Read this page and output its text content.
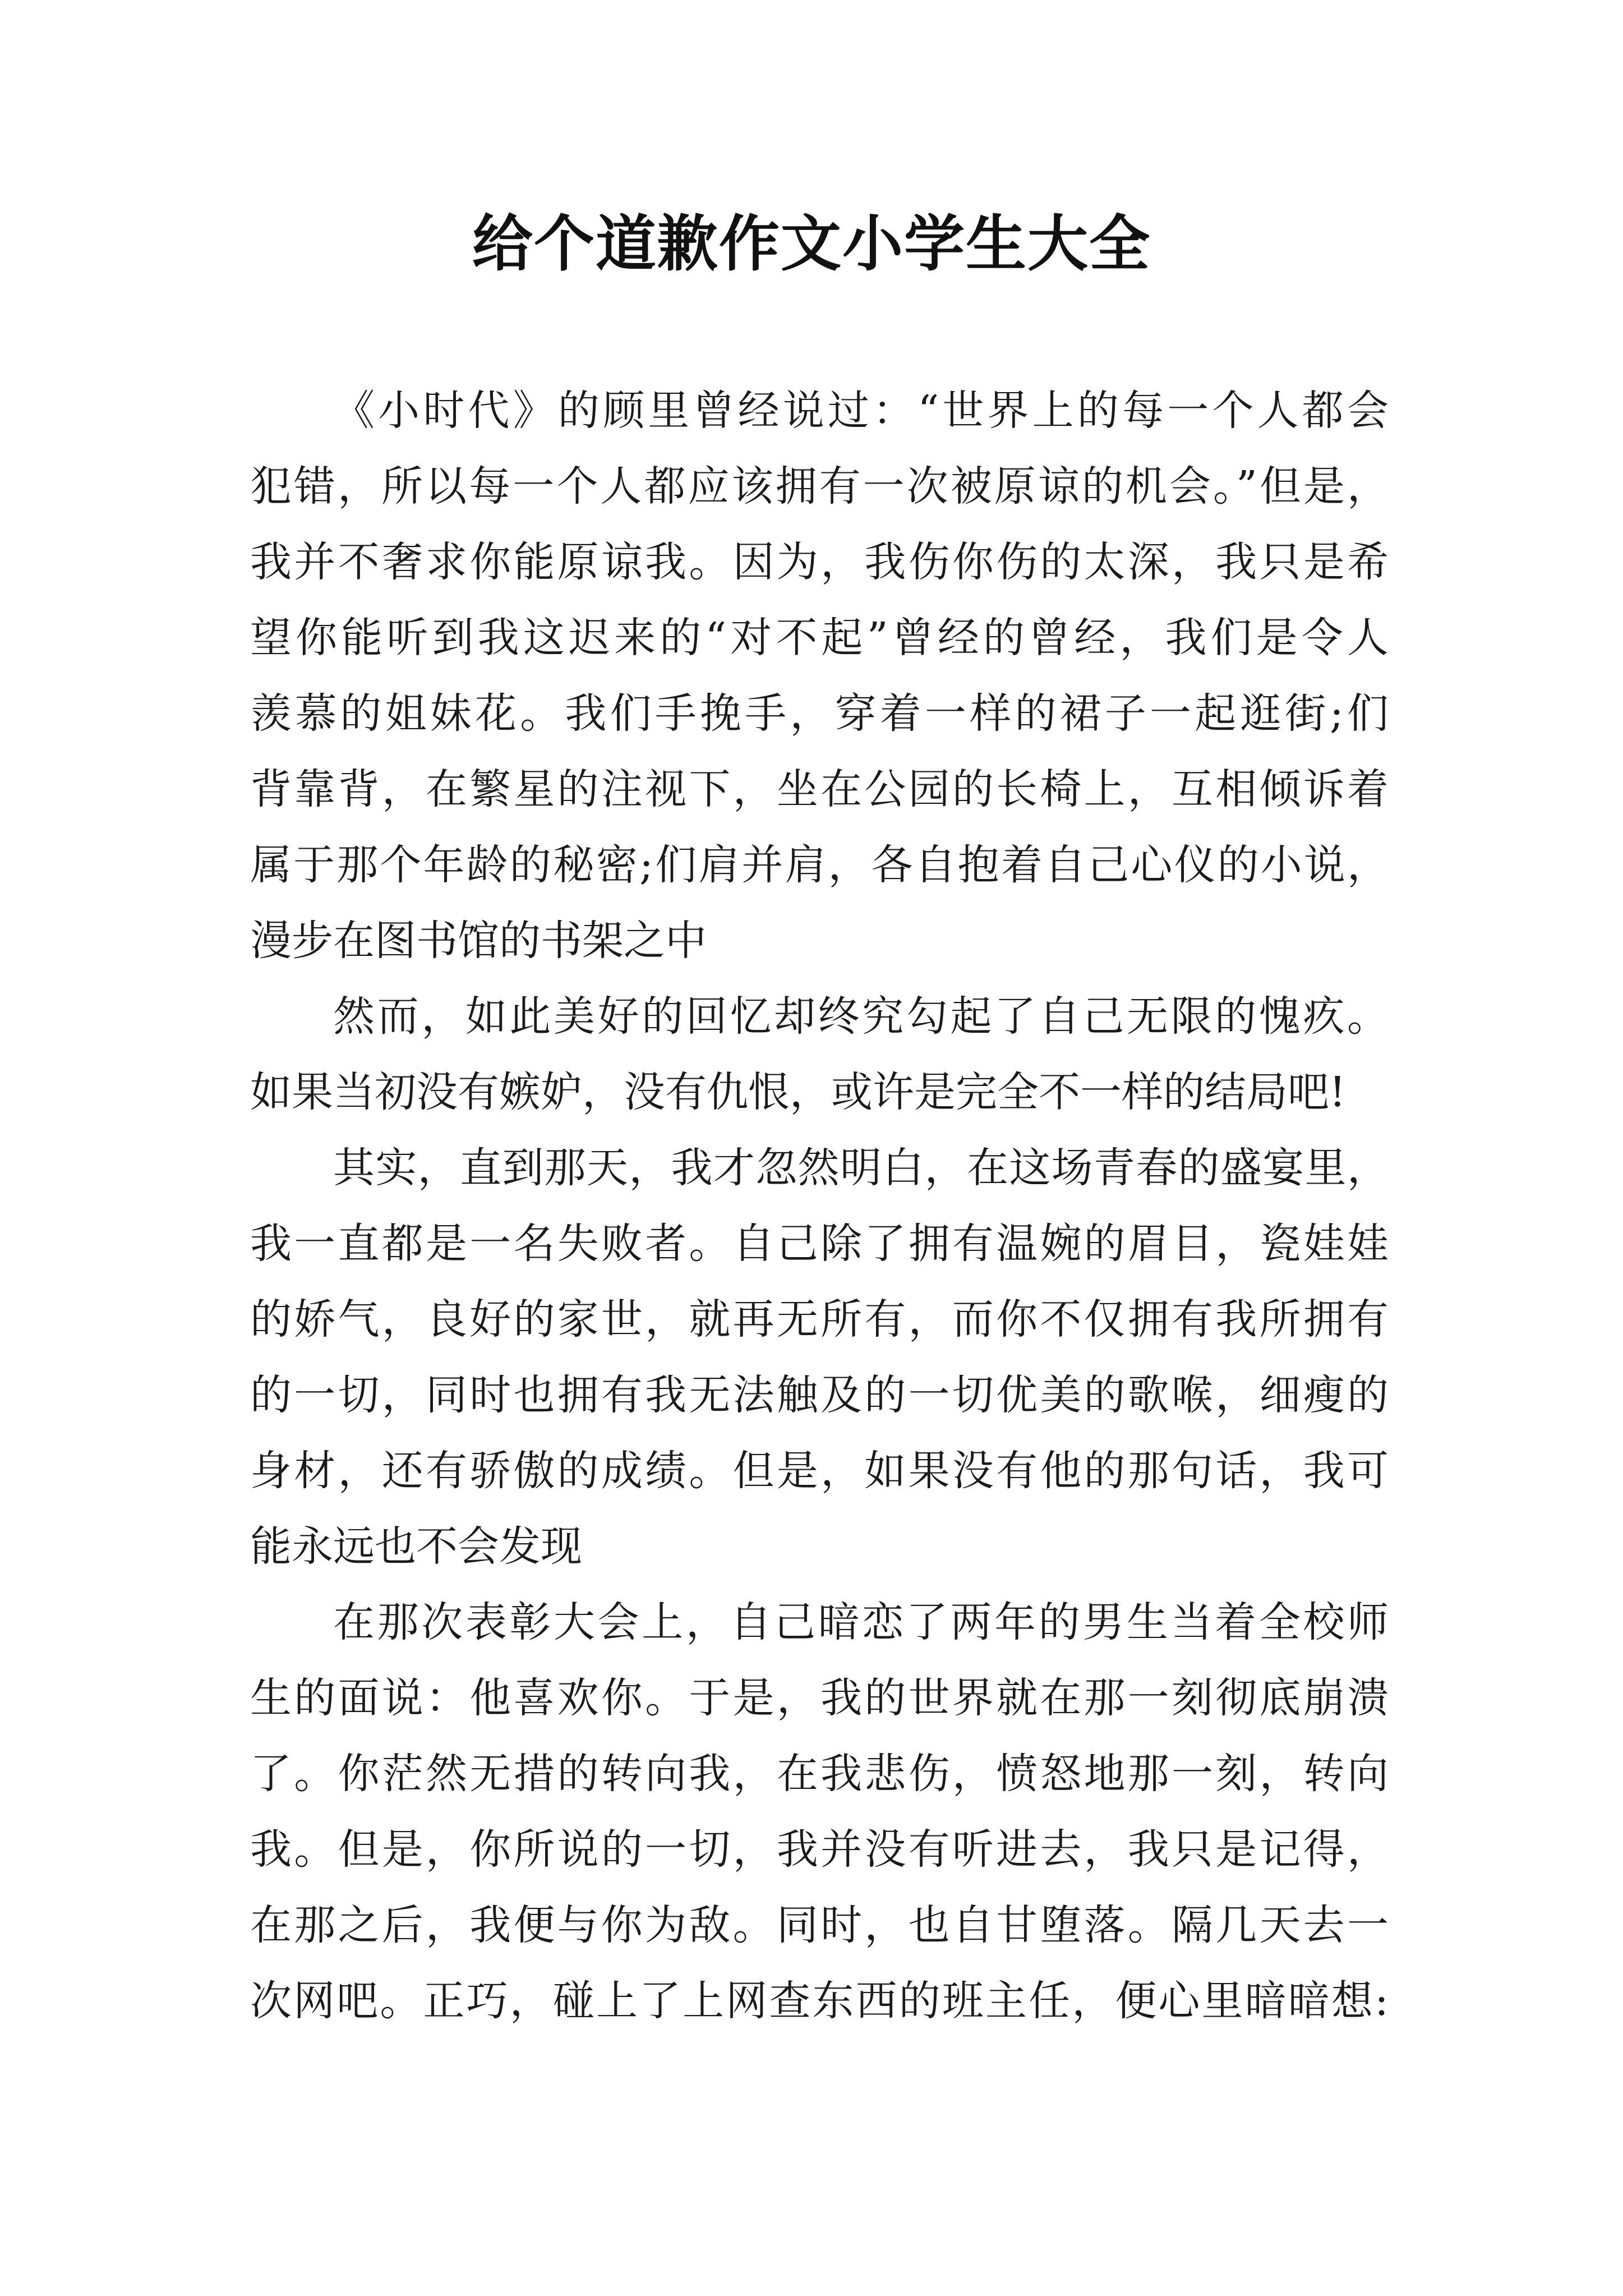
给个道歉作文小学生大全
《小时代》的顾里曾经说过：“世界上的每一个人都会
犯错，所以每一个人都应该拥有一次被原谅的机会。”但是，
我并不奢求你能原谅我。因为，我伤你伤的太深，我只是希
望你能听到我这迟来的“对不起”曾经的曾经，我们是令人
羡慕的姐妹花。我们手挽手，穿着一样的裙子一起逛街;们
背靠背，在繁星的注视下，坐在公园的长椅上，互相倾诉着
属于那个年龄的秘密;们肩并肩，各自抱着自己心仪的小说，
漫步在图书馆的书架之中
然而，如此美好的回忆却终究勾起了自己无限的愧疚。
如果当初没有嫉妒，没有仇恨，或许是完全不一样的结局吧!
其实，直到那天，我才忽然明白，在这场青春的盛宴里，
我一直都是一名失败者。自己除了拥有温婉的眉目，瓷娃娃
的娇气，良好的家世，就再无所有，而你不仅拥有我所拥有
的一切，同时也拥有我无法触及的一切优美的歌喉，细瘦的
身材，还有骄傲的成绩。但是，如果没有他的那句话，我可
能永远也不会发现
在那次表彰大会上，自己暗恋了两年的男生当着全校师
生的面说：他喜欢你。于是，我的世界就在那一刻彻底崩溃
了。你茫然无措的转向我，在我悲伤，愤怒地那一刻，转向
我。但是，你所说的一切，我并没有听进去，我只是记得，
在那之后，我便与你为敌。同时，也自甘堕落。隔几天去一
次网吧。正巧，碰上了上网查东西的班主任，便心里暗暗想:
